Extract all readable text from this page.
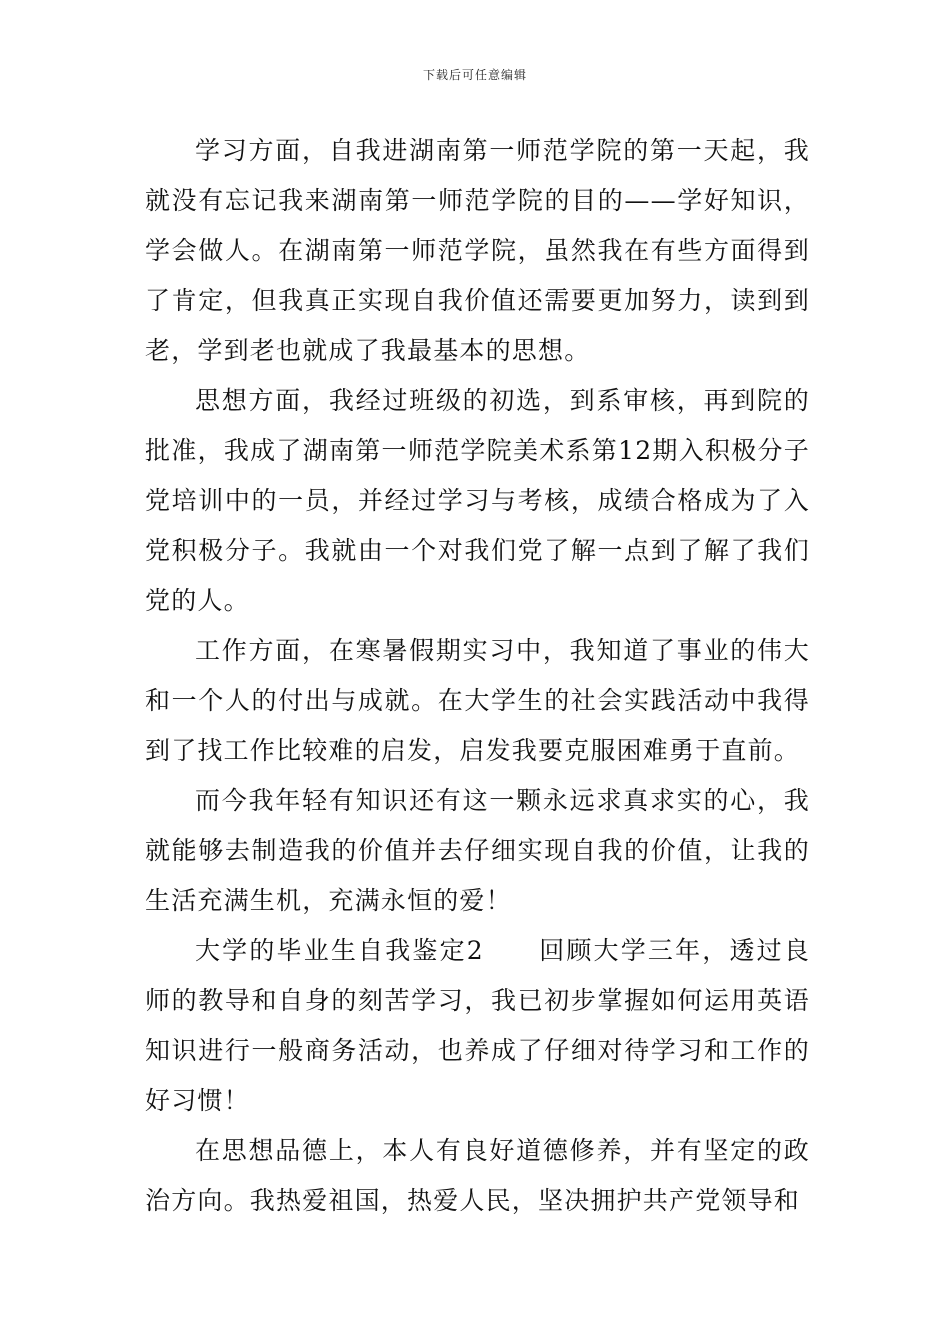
下载后可任意编辑

学习方面，自我进湖南第一师范学院的第一天起，我就没有忘记我来湖南第一师范学院的目的——学好知识，学会做人。在湖南第一师范学院，虽然我在有些方面得到了肯定，但我真正实现自我价值还需要更加努力，读到到老，学到老也就成了我最基本的思想。

思想方面，我经过班级的初选，到系审核，再到院的批准，我成了湖南第一师范学院美术系第12期入积极分子党培训中的一员，并经过学习与考核，成绩合格成为了入党积极分子。我就由一个对我们党了解一点到了解了我们党的人。

工作方面，在寒暑假期实习中，我知道了事业的伟大和一个人的付出与成就。在大学生的社会实践活动中我得到了找工作比较难的启发，启发我要克服困难勇于直前。

而今我年轻有知识还有这一颗永远求真求实的心，我就能够去制造我的价值并去仔细实现自我的价值，让我的生活充满生机，充满永恒的爱！

大学的毕业生自我鉴定2　　回顾大学三年，透过良师的教导和自身的刻苦学习，我已初步掌握如何运用英语知识进行一般商务活动，也养成了仔细对待学习和工作的好习惯！

在思想品德上，本人有良好道德修养，并有坚定的政治方向。我热爱祖国，热爱人民，坚决拥护共产党领导和
